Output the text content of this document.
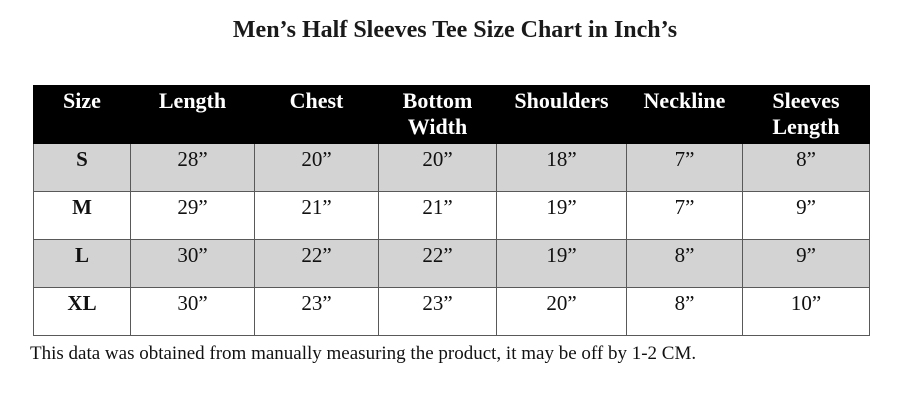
Men’s Half Sleeves Tee Size Chart in Inch’s
Size	Length	Chest	Bottom Width	Shoulders	Neckline	Sleeves Length
S	28”	20”	20”	18”	7”	8”
M	29”	21”	21”	19”	7”	9”
L	30”	22”	22”	19”	8”	9”
XL	30”	23”	23”	20”	8”	10”

This data was obtained from manually measuring the product, it may be off by 1-2 CM.
